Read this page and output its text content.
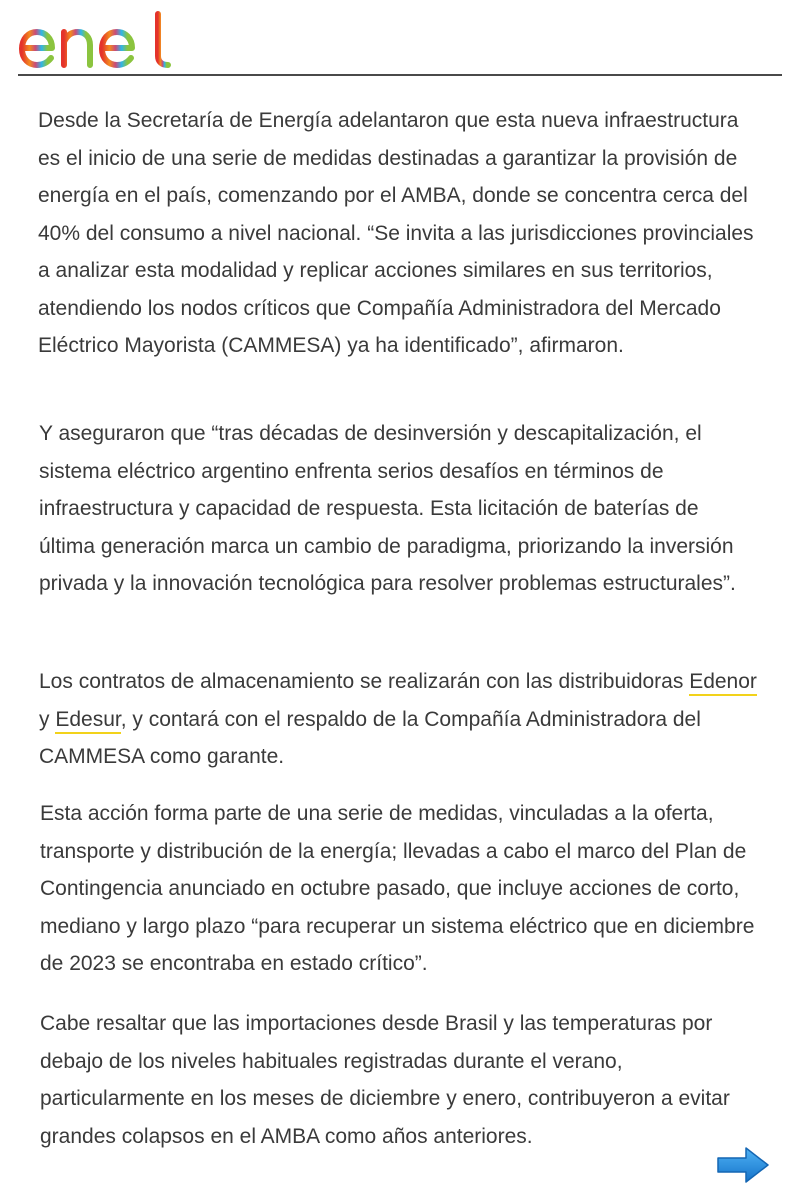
Desde la Secretaría de Energía adelantaron que esta nueva infraestructura es el inicio de una serie de medidas destinadas a garantizar la provisión de energía en el país, comenzando por el AMBA, donde se concentra cerca del 40% del consumo a nivel nacional. “Se invita a las jurisdicciones provinciales a analizar esta modalidad y replicar acciones similares en sus territorios, atendiendo los nodos críticos que Compañía Administradora del Mercado Eléctrico Mayorista (CAMMESA) ya ha identificado”, afirmaron.

Y aseguraron que “tras décadas de desinversión y descapitalización, el sistema eléctrico argentino enfrenta serios desafíos en términos de infraestructura y capacidad de respuesta. Esta licitación de baterías de última generación marca un cambio de paradigma, priorizando la inversión privada y la innovación tecnológica para resolver problemas estructurales”.

Los contratos de almacenamiento se realizarán con las distribuidoras Edenor y Edesur, y contará con el respaldo de la Compañía Administradora del CAMMESA como garante.

Esta acción forma parte de una serie de medidas, vinculadas a la oferta, transporte y distribución de la energía; llevadas a cabo el marco del Plan de Contingencia anunciado en octubre pasado, que incluye acciones de corto, mediano y largo plazo “para recuperar un sistema eléctrico que en diciembre de 2023 se encontraba en estado crítico”.

Cabe resaltar que las importaciones desde Brasil y las temperaturas por debajo de los niveles habituales registradas durante el verano, particularmente en los meses de diciembre y enero, contribuyeron a evitar grandes colapsos en el AMBA como años anteriores.
